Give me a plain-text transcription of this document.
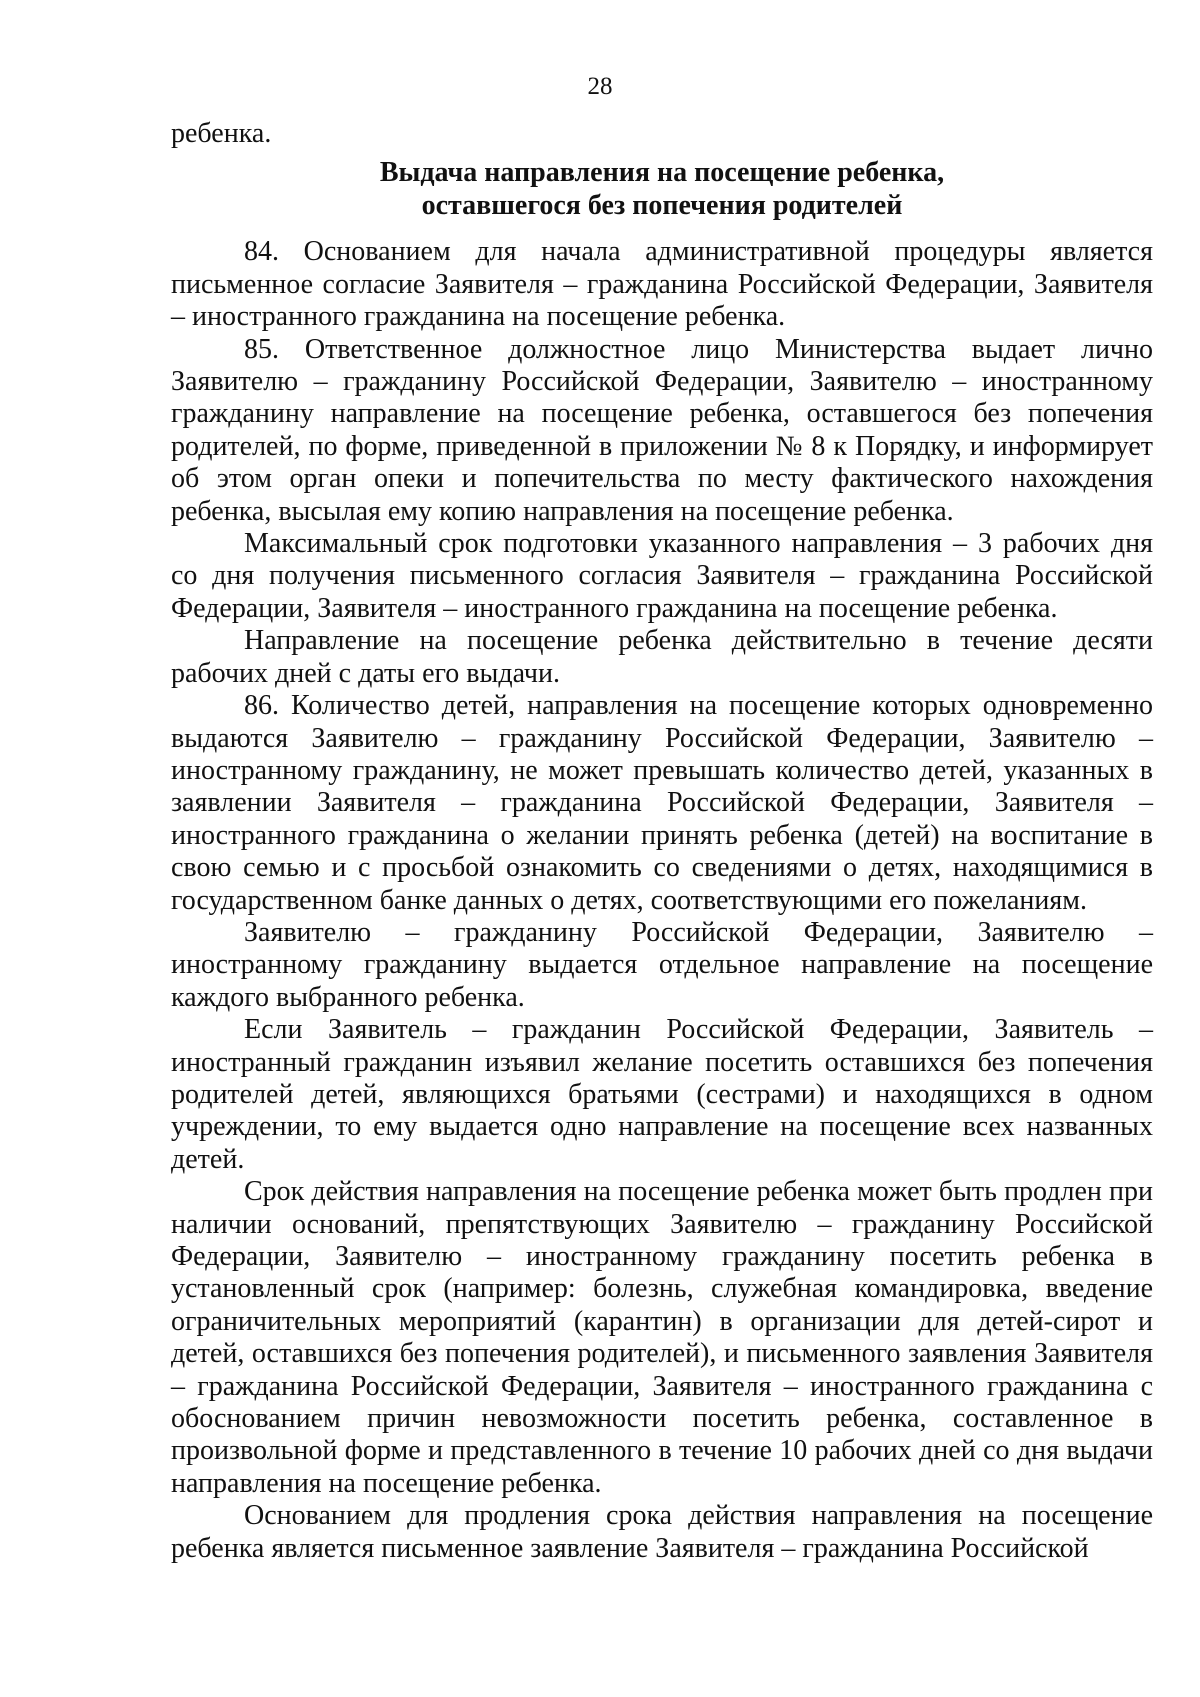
28

ребенка.

Выдача направления на посещение ребенка,
оставшегося без попечения родителей

84. Основанием для начала административной процедуры является письменное согласие Заявителя – гражданина Российской Федерации, Заявителя – иностранного гражданина на посещение ребенка.

85. Ответственное должностное лицо Министерства выдает лично Заявителю – гражданину Российской Федерации, Заявителю – иностранному гражданину направление на посещение ребенка, оставшегося без попечения родителей, по форме, приведенной в приложении № 8 к Порядку, и информирует об этом орган опеки и попечительства по месту фактического нахождения ребенка, высылая ему копию направления на посещение ребенка.

Максимальный срок подготовки указанного направления – 3 рабочих дня со дня получения письменного согласия Заявителя – гражданина Российской Федерации, Заявителя – иностранного гражданина на посещение ребенка.

Направление на посещение ребенка действительно в течение десяти рабочих дней с даты его выдачи.

86. Количество детей, направления на посещение которых одновременно выдаются Заявителю – гражданину Российской Федерации, Заявителю – иностранному гражданину, не может превышать количество детей, указанных в заявлении Заявителя – гражданина Российской Федерации, Заявителя – иностранного гражданина о желании принять ребенка (детей) на воспитание в свою семью и с просьбой ознакомить со сведениями о детях, находящимися в государственном банке данных о детях, соответствующими его пожеланиям.

Заявителю – гражданину Российской Федерации, Заявителю – иностранному гражданину выдается отдельное направление на посещение каждого выбранного ребенка.

Если Заявитель – гражданин Российской Федерации, Заявитель – иностранный гражданин изъявил желание посетить оставшихся без попечения родителей детей, являющихся братьями (сестрами) и находящихся в одном учреждении, то ему выдается одно направление на посещение всех названных детей.

Срок действия направления на посещение ребенка может быть продлен при наличии оснований, препятствующих Заявителю – гражданину Российской Федерации, Заявителю – иностранному гражданину посетить ребенка в установленный срок (например: болезнь, служебная командировка, введение ограничительных мероприятий (карантин) в организации для детей-сирот и детей, оставшихся без попечения родителей), и письменного заявления Заявителя – гражданина Российской Федерации, Заявителя – иностранного гражданина с обоснованием причин невозможности посетить ребенка, составленное в произвольной форме и представленного в течение 10 рабочих дней со дня выдачи направления на посещение ребенка.

Основанием для продления срока действия направления на посещение ребенка является письменное заявление Заявителя – гражданина Российской
